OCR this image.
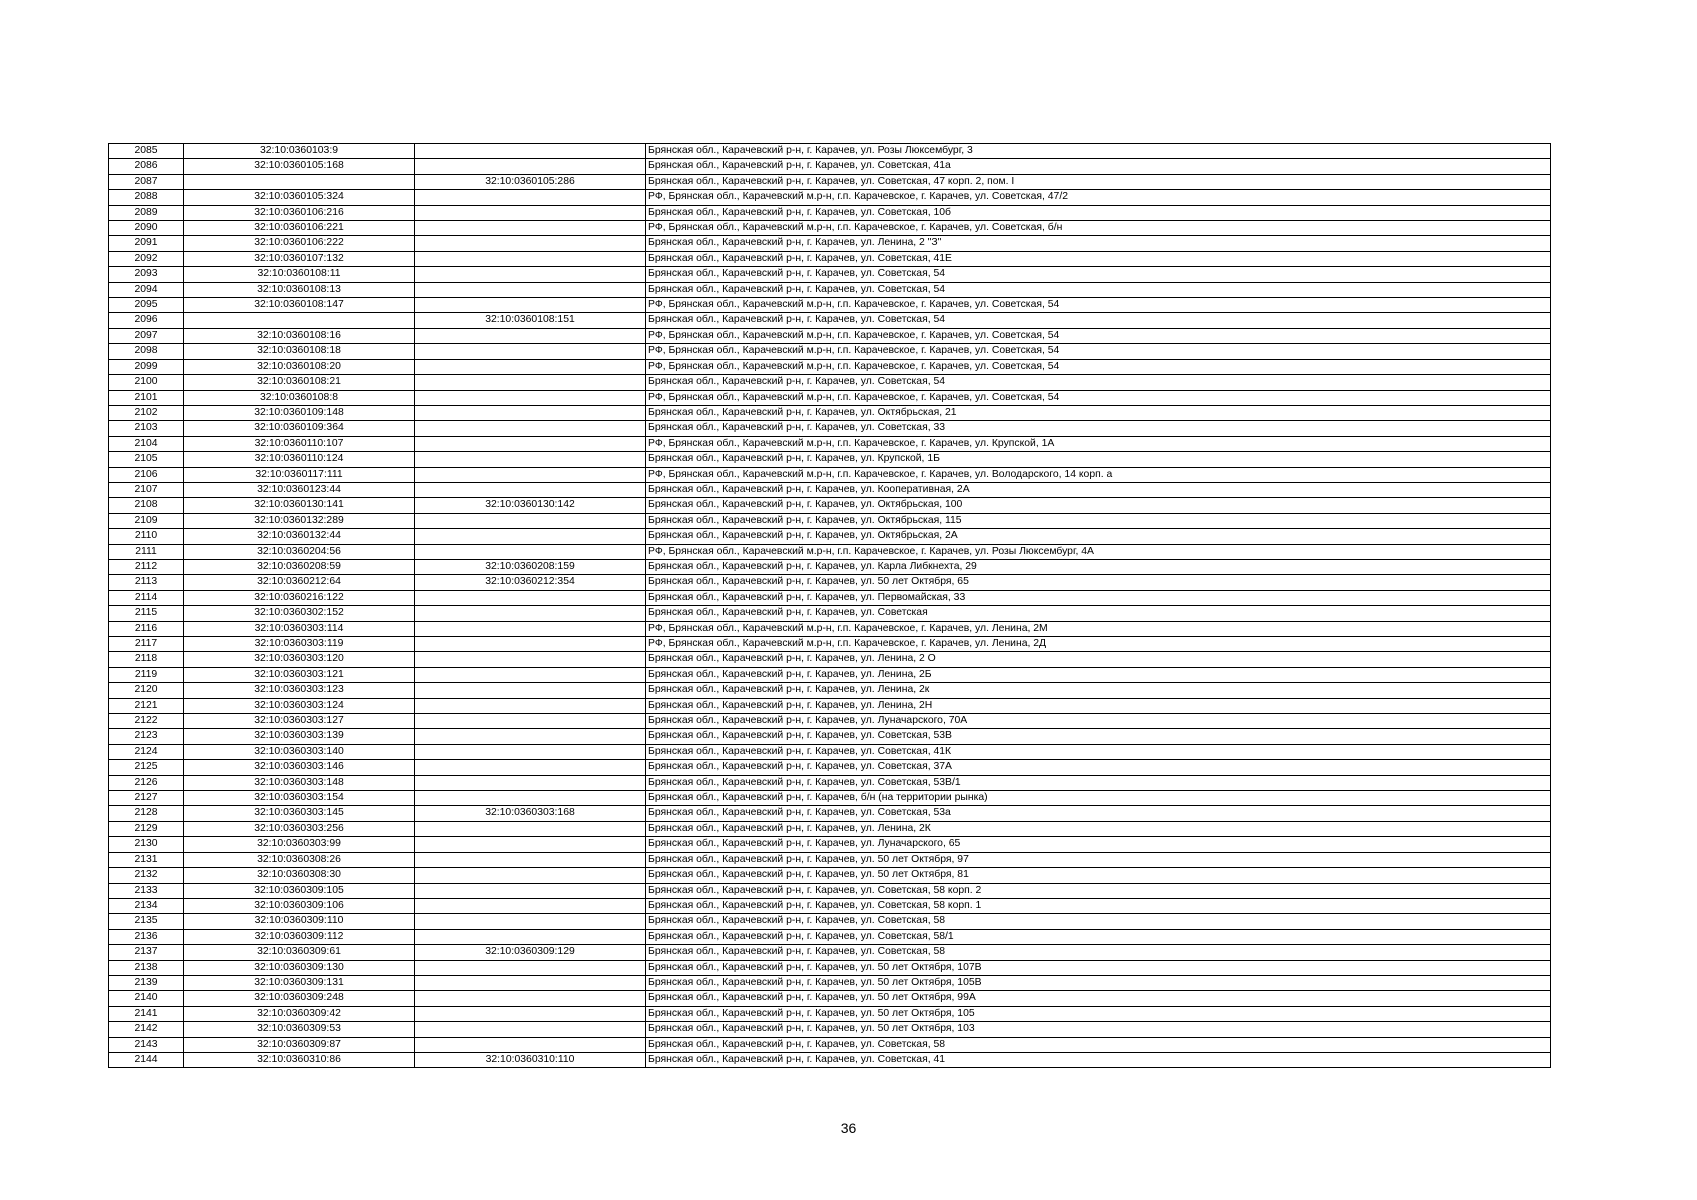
2085	32:10:0360103:9		Брянская обл., Карачевский р-н, г. Карачев, ул. Розы Люксембург, 3
2086	32:10:0360105:168		Брянская обл., Карачевский р-н, г. Карачев, ул. Советская, 41а
2087		32:10:0360105:286	Брянская обл., Карачевский р-н, г. Карачев, ул. Советская, 47 корп. 2, пом. I
2088	32:10:0360105:324		РФ, Брянская обл., Карачевский м.р-н, г.п. Карачевское, г. Карачев, ул. Советская, 47/2
2089	32:10:0360106:216		Брянская обл., Карачевский р-н, г. Карачев, ул. Советская, 10б
2090	32:10:0360106:221		РФ, Брянская обл., Карачевский м.р-н, г.п. Карачевское, г. Карачев, ул. Советская, б/н
2091	32:10:0360106:222		Брянская обл., Карачевский р-н, г. Карачев, ул. Ленина, 2 "З"
2092	32:10:0360107:132		Брянская обл., Карачевский р-н, г. Карачев, ул. Советская, 41Е
2093	32:10:0360108:11		Брянская обл., Карачевский р-н, г. Карачев, ул. Советская, 54
2094	32:10:0360108:13		Брянская обл., Карачевский р-н, г. Карачев, ул. Советская, 54
2095	32:10:0360108:147		РФ, Брянская обл., Карачевский м.р-н, г.п. Карачевское, г. Карачев, ул. Советская, 54
2096		32:10:0360108:151	Брянская обл., Карачевский р-н, г. Карачев, ул. Советская, 54
2097	32:10:0360108:16		РФ, Брянская обл., Карачевский м.р-н, г.п. Карачевское, г. Карачев, ул. Советская, 54
2098	32:10:0360108:18		РФ, Брянская обл., Карачевский м.р-н, г.п. Карачевское, г. Карачев, ул. Советская, 54
2099	32:10:0360108:20		РФ, Брянская обл., Карачевский м.р-н, г.п. Карачевское, г. Карачев, ул. Советская, 54
2100	32:10:0360108:21		Брянская обл., Карачевский р-н, г. Карачев, ул. Советская, 54
2101	32:10:0360108:8		РФ, Брянская обл., Карачевский м.р-н, г.п. Карачевское, г. Карачев, ул. Советская, 54
2102	32:10:0360109:148		Брянская обл., Карачевский р-н, г. Карачев, ул. Октябрьская, 21
2103	32:10:0360109:364		Брянская обл., Карачевский р-н, г. Карачев, ул. Советская, 33
2104	32:10:0360110:107		РФ, Брянская обл., Карачевский м.р-н, г.п. Карачевское, г. Карачев, ул. Крупской, 1А
2105	32:10:0360110:124		Брянская обл., Карачевский р-н, г. Карачев, ул. Крупской, 1Б
2106	32:10:0360117:111		РФ, Брянская обл., Карачевский м.р-н, г.п. Карачевское, г. Карачев, ул. Володарского, 14 корп. а
2107	32:10:0360123:44		Брянская обл., Карачевский р-н, г. Карачев, ул. Кооперативная, 2А
2108	32:10:0360130:141	32:10:0360130:142	Брянская обл., Карачевский р-н, г. Карачев, ул. Октябрьская, 100
2109	32:10:0360132:289		Брянская обл., Карачевский р-н, г. Карачев, ул. Октябрьская, 115
2110	32:10:0360132:44		Брянская обл., Карачевский р-н, г. Карачев, ул. Октябрьская, 2А
2111	32:10:0360204:56		РФ, Брянская обл., Карачевский м.р-н, г.п. Карачевское, г. Карачев, ул. Розы Люксембург, 4А
2112	32:10:0360208:59	32:10:0360208:159	Брянская обл., Карачевский р-н, г. Карачев, ул. Карла Либкнехта, 29
2113	32:10:0360212:64	32:10:0360212:354	Брянская обл., Карачевский р-н, г. Карачев, ул. 50 лет Октября, 65
2114	32:10:0360216:122		Брянская обл., Карачевский р-н, г. Карачев, ул. Первомайская, 33
2115	32:10:0360302:152		Брянская обл., Карачевский р-н, г. Карачев, ул. Советская
2116	32:10:0360303:114		РФ, Брянская обл., Карачевский м.р-н, г.п. Карачевское, г. Карачев, ул. Ленина, 2М
2117	32:10:0360303:119		РФ, Брянская обл., Карачевский м.р-н, г.п. Карачевское, г. Карачев, ул. Ленина, 2Д
2118	32:10:0360303:120		Брянская обл., Карачевский р-н, г. Карачев, ул. Ленина, 2 О
2119	32:10:0360303:121		Брянская обл., Карачевский р-н, г. Карачев, ул. Ленина, 2Б
2120	32:10:0360303:123		Брянская обл., Карачевский р-н, г. Карачев, ул. Ленина, 2к
2121	32:10:0360303:124		Брянская обл., Карачевский р-н, г. Карачев, ул. Ленина, 2Н
2122	32:10:0360303:127		Брянская обл., Карачевский р-н, г. Карачев, ул. Луначарского, 70А
2123	32:10:0360303:139		Брянская обл., Карачевский р-н, г. Карачев, ул. Советская, 53В
2124	32:10:0360303:140		Брянская обл., Карачевский р-н, г. Карачев, ул. Советская, 41К
2125	32:10:0360303:146		Брянская обл., Карачевский р-н, г. Карачев, ул. Советская, 37А
2126	32:10:0360303:148		Брянская обл., Карачевский р-н, г. Карачев, ул. Советская, 53В/1
2127	32:10:0360303:154		Брянская обл., Карачевский р-н, г. Карачев, б/н (на территории рынка)
2128	32:10:0360303:145	32:10:0360303:168	Брянская обл., Карачевский р-н, г. Карачев, ул. Советская, 53а
2129	32:10:0360303:256		Брянская обл., Карачевский р-н, г. Карачев, ул. Ленина, 2К
2130	32:10:0360303:99		Брянская обл., Карачевский р-н, г. Карачев, ул. Луначарского, 65
2131	32:10:0360308:26		Брянская обл., Карачевский р-н, г. Карачев, ул. 50 лет Октября, 97
2132	32:10:0360308:30		Брянская обл., Карачевский р-н, г. Карачев, ул. 50 лет Октября, 81
2133	32:10:0360309:105		Брянская обл., Карачевский р-н, г. Карачев, ул. Советская, 58 корп. 2
2134	32:10:0360309:106		Брянская обл., Карачевский р-н, г. Карачев, ул. Советская, 58 корп. 1
2135	32:10:0360309:110		Брянская обл., Карачевский р-н, г. Карачев, ул. Советская, 58
2136	32:10:0360309:112		Брянская обл., Карачевский р-н, г. Карачев, ул. Советская, 58/1
2137	32:10:0360309:61	32:10:0360309:129	Брянская обл., Карачевский р-н, г. Карачев, ул. Советская, 58
2138	32:10:0360309:130		Брянская обл., Карачевский р-н, г. Карачев, ул. 50 лет Октября, 107В
2139	32:10:0360309:131		Брянская обл., Карачевский р-н, г. Карачев, ул. 50 лет Октября, 105В
2140	32:10:0360309:248		Брянская обл., Карачевский р-н, г. Карачев, ул. 50 лет Октября, 99А
2141	32:10:0360309:42		Брянская обл., Карачевский р-н, г. Карачев, ул. 50 лет Октября, 105
2142	32:10:0360309:53		Брянская обл., Карачевский р-н, г. Карачев, ул. 50 лет Октября, 103
2143	32:10:0360309:87		Брянская обл., Карачевский р-н, г. Карачев, ул. Советская, 58
2144	32:10:0360310:86	32:10:0360310:110	Брянская обл., Карачевский р-н, г. Карачев, ул. Советская, 41
36
